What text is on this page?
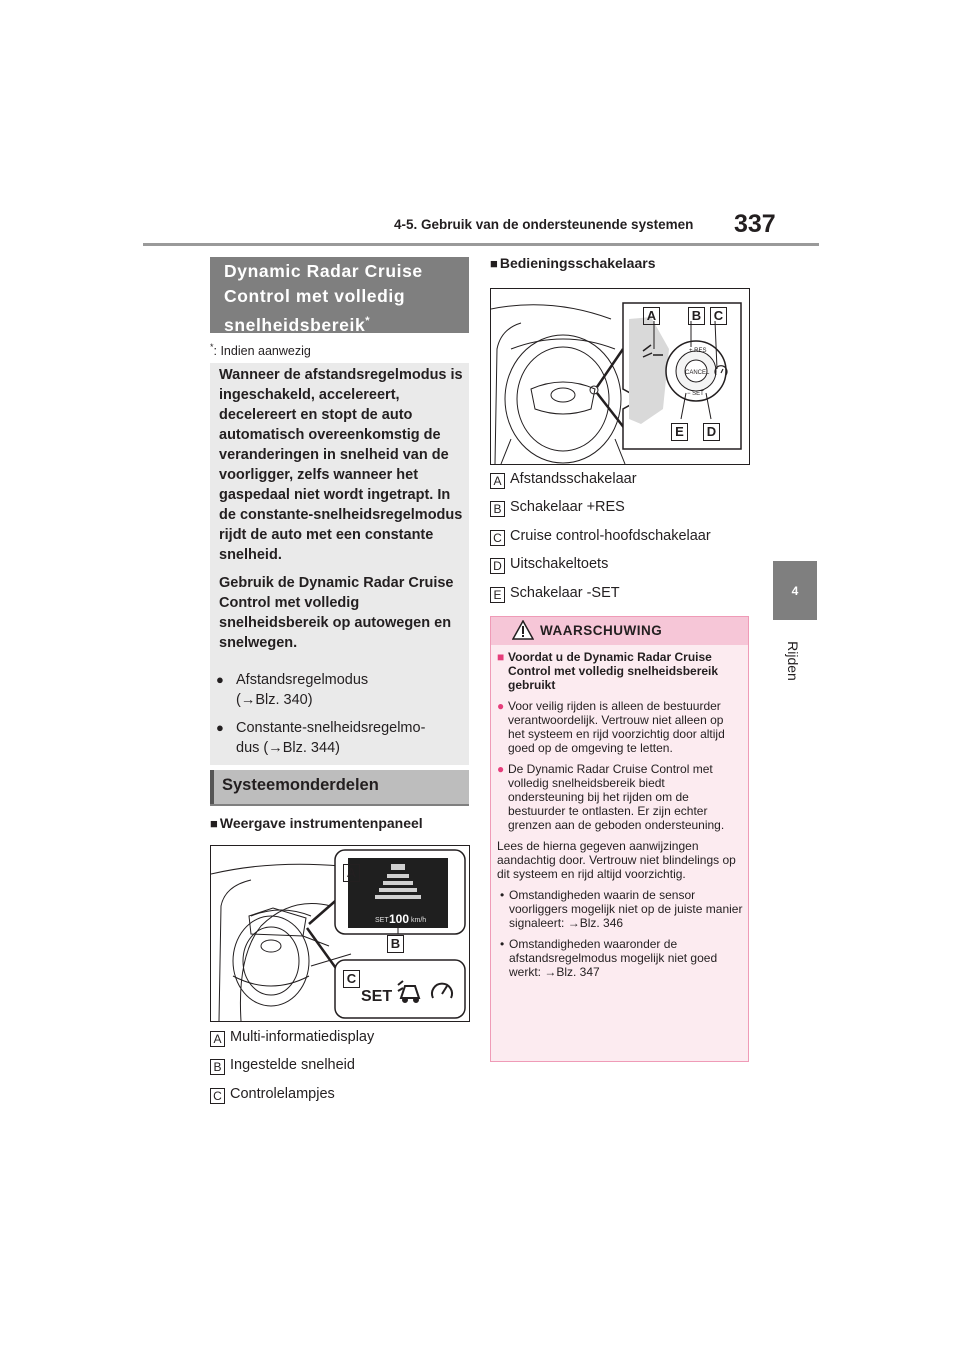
4-5. Gebruik van de ondersteunende systemen 337
4
Rijden
Dynamic Radar Cruise
Control met volledig
snelheidsbereik*
*: Indien aanwezig

Wanneer de afstandsregelmodus is ingeschakeld, accelereert, decelereert en stopt de auto automatisch overeenkomstig de veranderingen in snelheid van de voorligger, zelfs wanneer het gaspedaal niet wordt ingetrapt. In de constante-snelheidsregelmodus rijdt de auto met een constante snelheid.

Gebruik de Dynamic Radar Cruise Control met volledig snelheidsbereik op autowegen en snelwegen.

● Afstandsregelmodus
(→Blz. 340)
● Constante-snelheidsregelmo-
dus (→Blz. 344)
Systeemonderdelen
■ Weergave instrumentenpaneel
SET 100 km/h
SET
A
B
C
A Multi-informatiedisplay
B Ingestelde snelheid
C Controlelampjes
■ Bedieningsschakelaars
CANCEL
+ RES
− SET
A	B C
E	D
A Afstandsschakelaar
B Schakelaar +RES
C Cruise control-hoofdschakelaar
D Uitschakeltoets
E Schakelaar -SET
WAARSCHUWING
■ Voordat u de Dynamic Radar Cruise Control met volledig snelheidsbereik gebruikt
● Voor veilig rijden is alleen de bestuurder verantwoordelijk. Vertrouw niet alleen op het systeem en rijd voorzichtig door altijd goed op de omgeving te letten.
● De Dynamic Radar Cruise Control met volledig snelheidsbereik biedt ondersteuning bij het rijden om de bestuurder te ontlasten. Er zijn echter grenzen aan de geboden ondersteuning.
Lees de hierna gegeven aanwijzingen aandachtig door. Vertrouw niet blindelings op dit systeem en rijd altijd voorzichtig.
• Omstandigheden waarin de sensor voorliggers mogelijk niet op de juiste manier signaleert: →Blz. 346
• Omstandigheden waaronder de afstandsregelmodus mogelijk niet goed werkt: →Blz. 347
